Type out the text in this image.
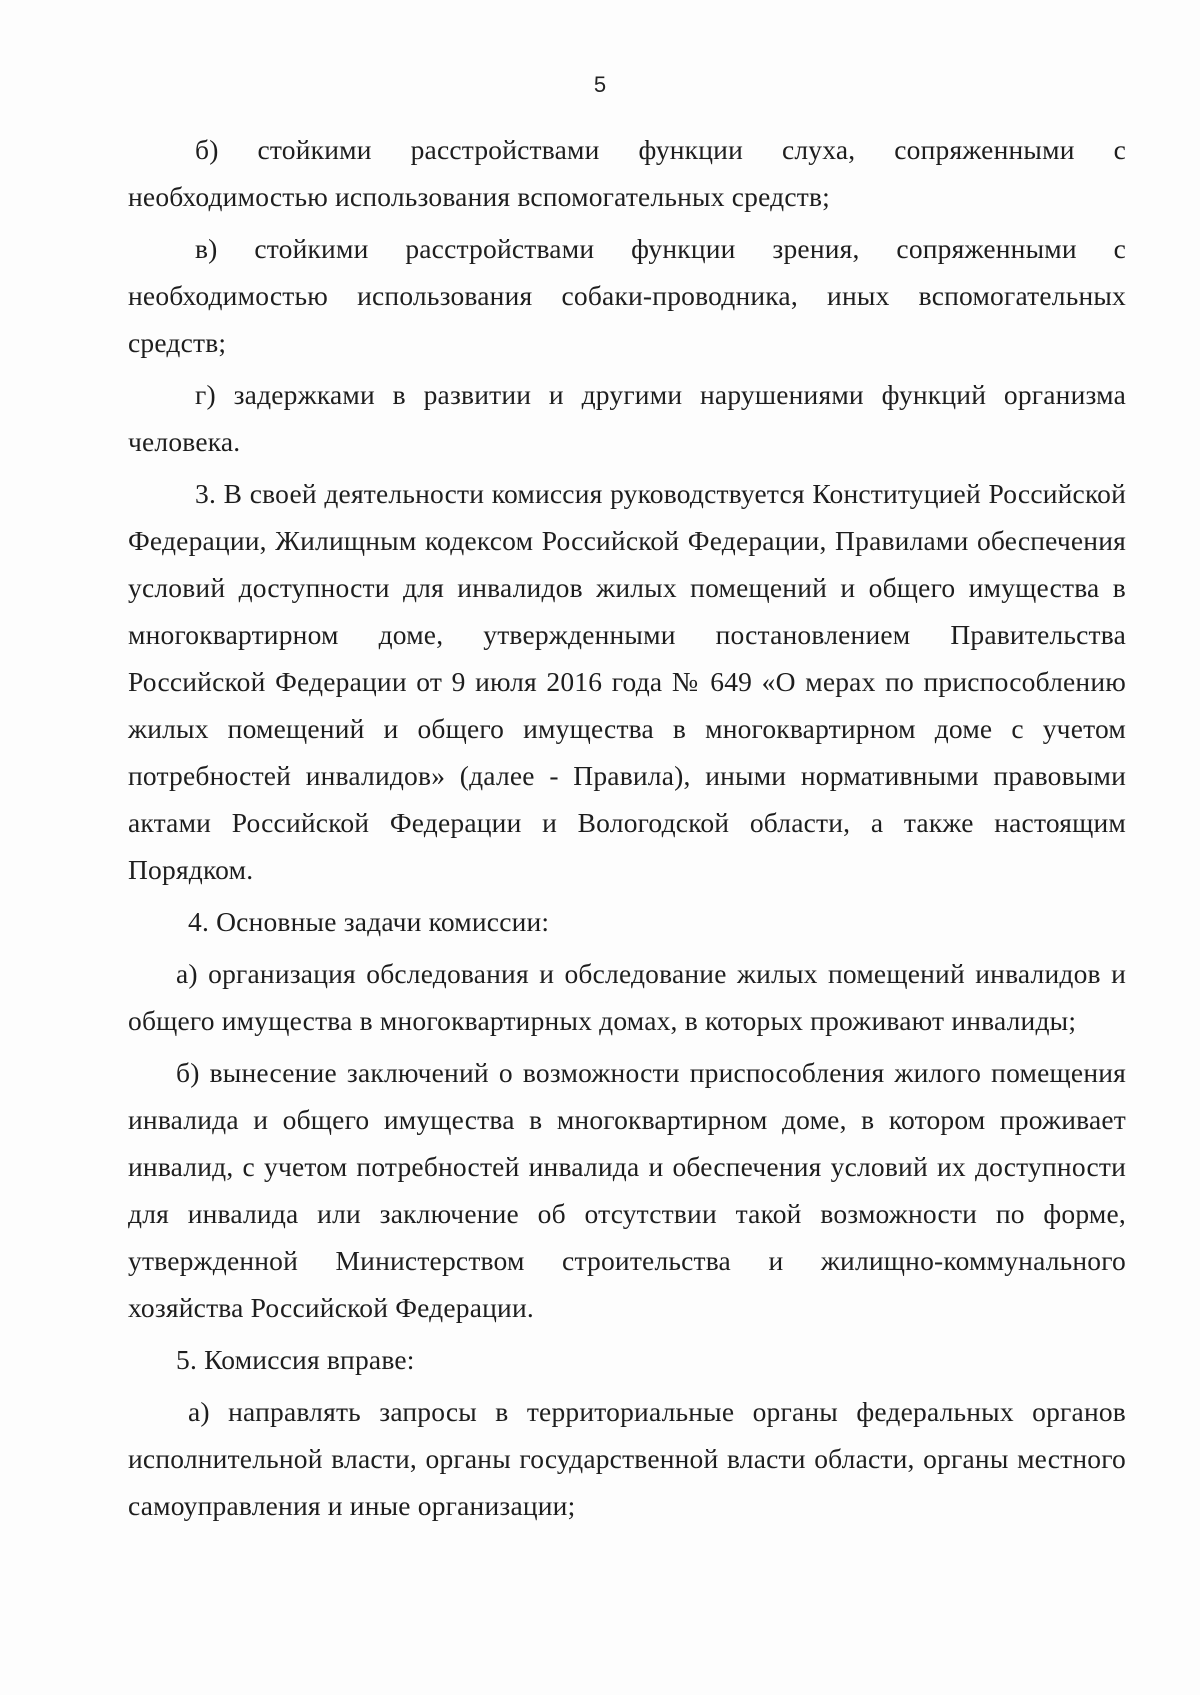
5

б) стойкими расстройствами функции слуха, сопряженными с необходимостью использования вспомогательных средств;

в) стойкими расстройствами функции зрения, сопряженными с необходимостью использования собаки-проводника, иных вспомогательных средств;

г) задержками в развитии и другими нарушениями функций организма человека.

3. В своей деятельности комиссия руководствуется Конституцией Российской Федерации, Жилищным кодексом Российской Федерации, Правилами обеспечения условий доступности для инвалидов жилых помещений и общего имущества в многоквартирном доме, утвержденными постановлением Правительства Российской Федерации от 9 июля 2016 года № 649 «О мерах по приспособлению жилых помещений и общего имущества в многоквартирном доме с учетом потребностей инвалидов» (далее - Правила), иными нормативными правовыми актами Российской Федерации и Вологодской области, а также настоящим Порядком.

4. Основные задачи комиссии:

а) организация обследования и обследование жилых помещений инвалидов и общего имущества в многоквартирных домах, в которых проживают инвалиды;

б) вынесение заключений о возможности приспособления жилого помещения инвалида и общего имущества в многоквартирном доме, в котором проживает инвалид, с учетом потребностей инвалида и обеспечения условий их доступности для инвалида или заключение об отсутствии такой возможности по форме, утвержденной Министерством строительства и жилищно-коммунального хозяйства Российской Федерации.

5. Комиссия вправе:

а) направлять запросы в территориальные органы федеральных органов исполнительной власти, органы государственной власти области, органы местного самоуправления и иные организации;
